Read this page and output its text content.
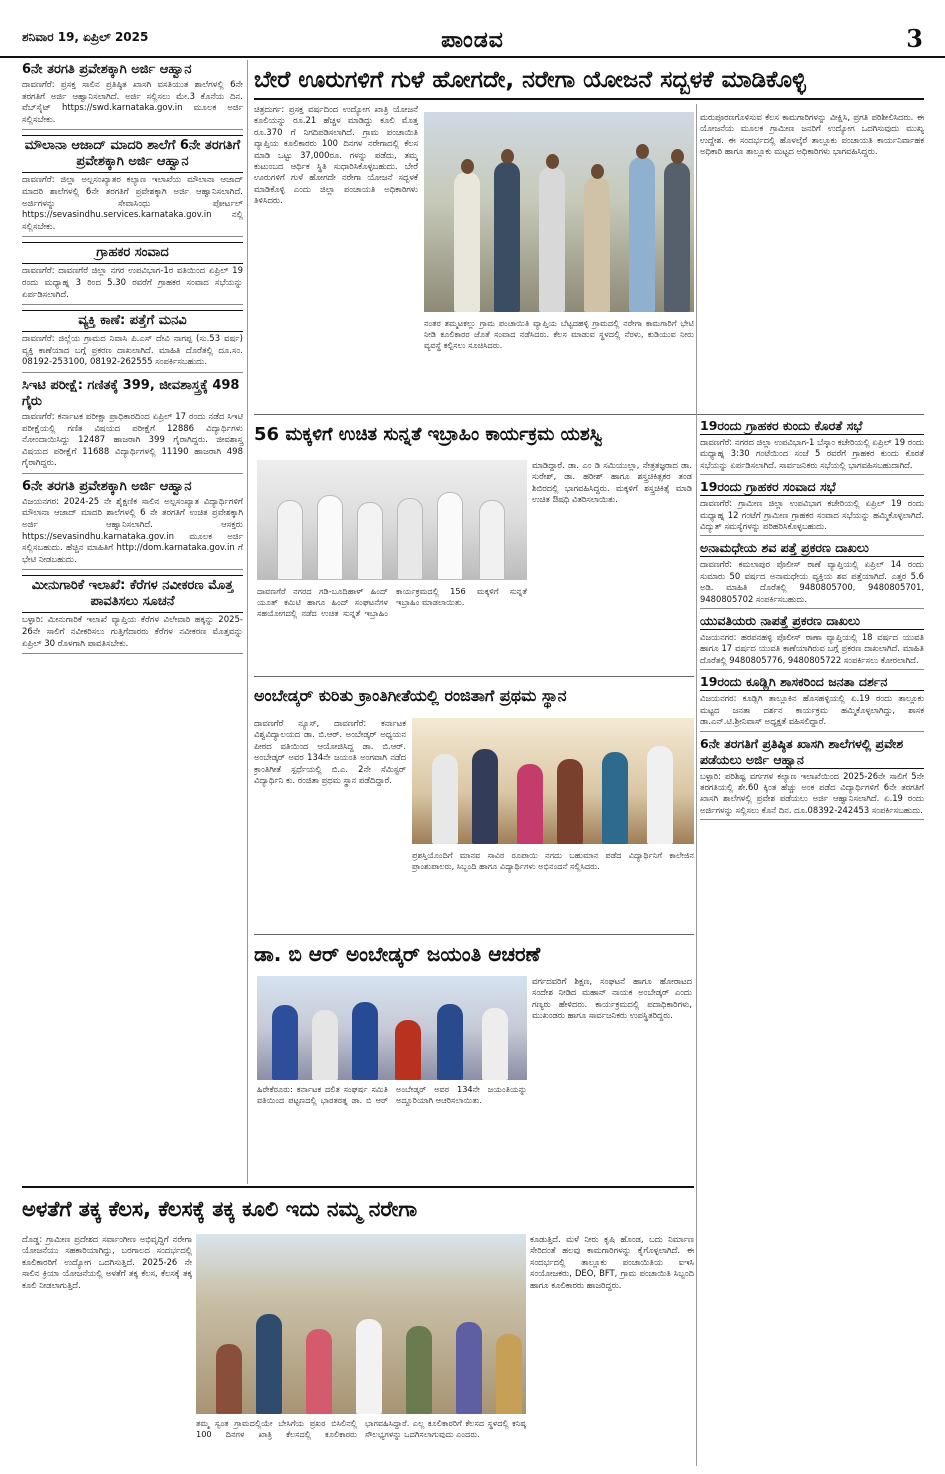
ಶನಿವಾರ 19, ಏಪ್ರಿಲ್ 2025	ಪಾಂಡವ	3
6ನೇ ತರಗತಿ ಪ್ರವೇಶಕ್ಕಾಗಿ ಅರ್ಜಿ ಆಹ್ವಾನ
ದಾವಣಗೆರೆ: ಪ್ರಸಕ್ತ ಸಾಲಿನ ಪ್ರತಿಷ್ಠಿತ ಖಾಸಗಿ ವಸತಿಯುತ ಶಾಲೆಗಳಲ್ಲಿ 6ನೇ ತರಗತಿಗೆ ಅರ್ಜಿ ಆಹ್ವಾನಿಸಲಾಗಿದೆ. ಅರ್ಜಿ ಸಲ್ಲಿಸಲು ಮೇ.3 ಕೊನೆಯ ದಿನ. ವೆಬ್‌ಸೈಟ್ https://swd.karnataka.gov.in ಮೂಲಕ ಅರ್ಜಿ ಸಲ್ಲಿಸಬೇಕು.
ಮೌಲಾನಾ ಆಜಾದ್ ಮಾದರಿ ಶಾಲೆಗೆ 6ನೇ ತರಗತಿಗೆ ಪ್ರವೇಶಕ್ಕಾಗಿ ಅರ್ಜಿ ಆಹ್ವಾನ
ದಾವಣಗೆರೆ: ಜಿಲ್ಲಾ ಅಲ್ಪಸಂಖ್ಯಾತರ ಕಲ್ಯಾಣ ಇಲಾಖೆಯ ಮೌಲಾನಾ ಆಜಾದ್ ಮಾದರಿ ಶಾಲೆಗಳಲ್ಲಿ 6ನೇ ತರಗತಿಗೆ ಪ್ರವೇಶಕ್ಕಾಗಿ ಅರ್ಜಿ ಆಹ್ವಾನಿಸಲಾಗಿದೆ. ಅರ್ಜಿಗಳನ್ನು ಸೇವಾಸಿಂಧು ಪೋರ್ಟಲ್ https://sevasindhu.services.karnataka.gov.in ನಲ್ಲಿ ಸಲ್ಲಿಸಬೇಕು.
ಗ್ರಾಹಕರ ಸಂವಾದ
ದಾವಣಗೆರೆ: ದಾವಣಗೆರೆ ಜಿಲ್ಲಾ ನಗರ ಉಪವಿಭಾಗ-1ರ ವತಿಯಿಂದ ಏಪ್ರಿಲ್ 19 ರಂದು ಮಧ್ಯಾಹ್ನ 3 ರಿಂದ 5.30 ರವರೆಗೆ ಗ್ರಾಹಕರ ಸಂವಾದ ಸಭೆಯನ್ನು ಏರ್ಪಡಿಸಲಾಗಿದೆ.
ವ್ಯಕ್ತಿ ಕಾಣೆ: ಪತ್ತೆಗೆ ಮನವಿ
ದಾವಣಗೆರೆ: ಜಿಲ್ಲೆಯ ಗ್ರಾಮದ ನಿವಾಸಿ ಪಿ.ಎಸ್ ದೇವಿ ನಾಗಪ್ಪ (ಸು.53 ವರ್ಷ) ವ್ಯಕ್ತಿ ಕಾಣೆಯಾದ ಬಗ್ಗೆ ಪ್ರಕರಣ ದಾಖಲಾಗಿದೆ. ಮಾಹಿತಿ ದೊರೆತಲ್ಲಿ ದೂ.ಸಂ. 08192-253100, 08192-262555 ಸಂಪರ್ಕಿಸಬಹುದು.
ಸಿಇಟಿ ಪರೀಕ್ಷೆ: ಗಣಿತಕ್ಕೆ 399, ಜೀವಶಾಸ್ತ್ರಕ್ಕೆ 498 ಗೈರು
ದಾವಣಗೆರೆ: ಕರ್ನಾಟಕ ಪರೀಕ್ಷಾ ಪ್ರಾಧಿಕಾರದಿಂದ ಏಪ್ರಿಲ್ 17 ರಂದು ನಡೆದ ಸಿಇಟಿ ಪರೀಕ್ಷೆಯಲ್ಲಿ ಗಣಿತ ವಿಷಯದ ಪರೀಕ್ಷೆಗೆ 12886 ವಿದ್ಯಾರ್ಥಿಗಳು ನೋಂದಾಯಿಸಿದ್ದು 12487 ಹಾಜರಾಗಿ 399 ಗೈರಾಗಿದ್ದರು. ಜೀವಶಾಸ್ತ್ರ ವಿಷಯದ ಪರೀಕ್ಷೆಗೆ 11688 ವಿದ್ಯಾರ್ಥಿಗಳಲ್ಲಿ 11190 ಹಾಜರಾಗಿ 498 ಗೈರಾಗಿದ್ದರು.
6ನೇ ತರಗತಿ ಪ್ರವೇಶಕ್ಕಾಗಿ ಅರ್ಜಿ ಆಹ್ವಾನ
ವಿಜಯನಗರ: 2024-25 ನೇ ಶೈಕ್ಷಣಿಕ ಸಾಲಿನ ಅಲ್ಪಸಂಖ್ಯಾತ ವಿದ್ಯಾರ್ಥಿಗಳಿಗೆ ಮೌಲಾನಾ ಆಜಾದ್ ಮಾದರಿ ಶಾಲೆಗಳಲ್ಲಿ 6 ನೇ ತರಗತಿಗೆ ಉಚಿತ ಪ್ರವೇಶಕ್ಕಾಗಿ ಅರ್ಜಿ ಆಹ್ವಾನಿಸಲಾಗಿದೆ. ಆಸಕ್ತರು https://sevasindhu.karnataka.gov.in ಮೂಲಕ ಅರ್ಜಿ ಸಲ್ಲಿಸಬಹುದು. ಹೆಚ್ಚಿನ ಮಾಹಿತಿಗೆ http://dom.karnataka.gov.in ಗೆ ಭೇಟಿ ನೀಡಬಹುದು.
ಮೀನುಗಾರಿಕೆ ಇಲಾಖೆ: ಕೆರೆಗಳ ನವೀಕರಣ ಮೊತ್ತ ಪಾವತಿಸಲು ಸೂಚನೆ
ಬಳ್ಳಾರಿ: ಮೀನುಗಾರಿಕೆ ಇಲಾಖೆ ವ್ಯಾಪ್ತಿಯ ಕೆರೆಗಳ ವಿಲೇವಾರಿ ಹಕ್ಕನ್ನು 2025-26ನೇ ಸಾಲಿಗೆ ನವೀಕರಿಸಲು ಗುತ್ತಿಗೆದಾರರು ಕೆರೆಗಳ ನವೀಕರಣ ಮೊತ್ತವನ್ನು ಏಪ್ರಿಲ್ 30 ರೊಳಗಾಗಿ ಪಾವತಿಸಬೇಕು.
ಬೇರೆ ಊರುಗಳಿಗೆ ಗುಳೆ ಹೋಗದೇ, ನರೇಗಾ ಯೋಜನೆ ಸದ್ಬಳಕೆ ಮಾಡಿಕೊಳ್ಳಿ
ಚಿತ್ರದುರ್ಗ: ಪ್ರಸಕ್ತ ವರ್ಷದಿಂದ ಉದ್ಯೋಗ ಖಾತ್ರಿ ಯೋಜನೆ ಕೂಲಿಯನ್ನು ರೂ.21 ಹೆಚ್ಚಳ ಮಾಡಿದ್ದು ಕೂಲಿ ಮೊತ್ತ ರೂ.370 ಗೆ ನಿಗದಿಪಡಿಸಲಾಗಿದೆ. ಗ್ರಾಮ ಪಂಚಾಯಿತಿ ವ್ಯಾಪ್ತಿಯ ಕೂಲಿಕಾರರು 100 ದಿನಗಳ ನರೇಗಾದಲ್ಲಿ ಕೆಲಸ ಮಾಡಿ ಒಟ್ಟು 37,000ರೂ. ಗಳನ್ನು ಪಡೆದು, ತಮ್ಮ ಕುಟುಂಬದ ಆರ್ಥಿಕ ಸ್ಥಿತಿ ಸುಧಾರಿಸಿಕೊಳ್ಳಬಹುದು. ಬೇರೆ ಊರುಗಳಿಗೆ ಗುಳೆ ಹೋಗದೇ ನರೇಗಾ ಯೋಜನೆ ಸದ್ಬಳಕೆ ಮಾಡಿಕೊಳ್ಳಿ ಎಂದು ಜಿಲ್ಲಾ ಪಂಚಾಯತಿ ಅಧಿಕಾರಿಗಳು ತಿಳಿಸಿದರು.
ನಂತರ ತಮ್ಮಟಕಲ್ಲು ಗ್ರಾಮ ಪಂಚಾಯಿತಿ ವ್ಯಾಪ್ತಿಯ ಬೆಟ್ಟದಹಳ್ಳಿ ಗ್ರಾಮದಲ್ಲಿ ನರೇಗಾ ಕಾಮಗಾರಿಗೆ ಭೇಟಿ ನೀಡಿ ಕೂಲಿಕಾರರ ಜೊತೆ ಸಂವಾದ ನಡೆಸಿದರು. ಕೆಲಸ ಮಾಡುವ ಸ್ಥಳದಲ್ಲಿ ನೆರಳು, ಕುಡಿಯುವ ನೀರು ವ್ಯವಸ್ಥೆ ಕಲ್ಪಿಸಲು ಸೂಚಿಸಿದರು.
ಮರುಪೂರಣಗೊಳಿಸುವ ಕೆಲಸ ಕಾಮಗಾರಿಗಳನ್ನು ವೀಕ್ಷಿಸಿ, ಪ್ರಗತಿ ಪರಿಶೀಲಿಸಿದರು. ಈ ಯೋಜನೆಯ ಮೂಲಕ ಗ್ರಾಮೀಣ ಜನರಿಗೆ ಉದ್ಯೋಗ ಒದಗಿಸುವುದು ಮುಖ್ಯ ಉದ್ದೇಶ. ಈ ಸಂದರ್ಭದಲ್ಲಿ ಹೊಳಲ್ಕೆರೆ ತಾಲ್ಲೂಕು ಪಂಚಾಯತಿ ಕಾರ್ಯನಿರ್ವಾಹಕ ಅಧಿಕಾರಿ ಹಾಗೂ ತಾಲ್ಲೂಕು ಮಟ್ಟದ ಅಧಿಕಾರಿಗಳು ಭಾಗವಹಿಸಿದ್ದರು.
56 ಮಕ್ಕಳಿಗೆ ಉಚಿತ ಸುನ್ನತೆ ಇಬ್ರಾಹಿಂ ಕಾರ್ಯಕ್ರಮ ಯಶಸ್ವಿ
ದಾವಣಗೆರೆ ನಗರದ ಗಡಿ-ಬೂದಿಹಾಳ್ ಹಿಂದ್ ಯೂತ್ ಕಮಿಟಿ ಹಾಗೂ ಹಿಂದ್ ಸಂಘಟನೆಗಳ ಸಹಯೋಗದಲ್ಲಿ ನಡೆದ ಉಚಿತ ಸುನ್ನತೆ ಇಬ್ರಾಹಿಂ ಕಾರ್ಯಕ್ರಮದಲ್ಲಿ 156 ಮಕ್ಕಳಿಗೆ ಸುನ್ನತೆ ಇಬ್ರಾಹಿಂ ಮಾಡಲಾಯಿತು.
ಮಾಡಿದ್ದಾರೆ. ಡಾ. ಎಂ ಡಿ ಸಮಿಯುಲ್ಲಾ, ನೇತ್ರತಜ್ಞರಾದ ಡಾ. ಸುರೇಶ್, ಡಾ. ಹರೀಶ್ ಹಾಗೂ ಶಸ್ತ್ರಚಿಕಿತ್ಸಕರ ತಂಡ ಶಿಬಿರದಲ್ಲಿ ಭಾಗವಹಿಸಿದ್ದರು. ಮಕ್ಕಳಿಗೆ ಶಸ್ತ್ರಚಿಕಿತ್ಸೆ ಮಾಡಿ ಉಚಿತ ಔಷಧಿ ವಿತರಿಸಲಾಯಿತು.
ಅಂಬೇಡ್ಕರ್ ಕುರಿತು ಕ್ರಾಂತಿಗೀತೆಯಲ್ಲಿ ರಂಜಿತಾಗೆ ಪ್ರಥಮ ಸ್ಥಾನ
ದಾವಣಗೆರೆ ನ್ಯೂಸ್, ದಾವಣಗೆರೆ: ಕರ್ನಾಟಕ ವಿಶ್ವವಿದ್ಯಾಲಯದ ಡಾ. ಬಿ.ಆರ್. ಅಂಬೇಡ್ಕರ್ ಅಧ್ಯಯನ ಪೀಠದ ವತಿಯಿಂದ ಆಯೋಜಿಸಿದ್ದ ಡಾ. ಬಿ.ಆರ್. ಅಂಬೇಡ್ಕರ್ ಅವರ 134ನೇ ಜಯಂತಿ ಅಂಗವಾಗಿ ನಡೆದ ಕ್ರಾಂತಿಗೀತೆ ಸ್ಪರ್ಧೆಯಲ್ಲಿ ಬಿ.ಎ. 2ನೇ ಸೆಮಿಸ್ಟರ್ ವಿದ್ಯಾರ್ಥಿನಿ ಕು. ರಂಜಿತಾ ಪ್ರಥಮ ಸ್ಥಾನ ಪಡೆದಿದ್ದಾರೆ.
ಪ್ರಶಸ್ತಿಯೊಂದಿಗೆ ಮಾನವ ಸಾವಿರ ರೂಪಾಯಿ ನಗದು ಬಹುಮಾನ ಪಡೆದ ವಿದ್ಯಾರ್ಥಿನಿಗೆ ಕಾಲೇಜಿನ ಪ್ರಾಂಶುಪಾಲರು, ಸಿಬ್ಬಂದಿ ಹಾಗೂ ವಿದ್ಯಾರ್ಥಿಗಳು ಅಭಿನಂದನೆ ಸಲ್ಲಿಸಿದರು.
ಡಾ. ಬಿ ಆರ್ ಅಂಬೇಡ್ಕರ್ ಜಯಂತಿ ಆಚರಣೆ
ಹಿರೇಕೆರೂರು: ಕರ್ನಾಟಕ ದಲಿತ ಸಂಘರ್ಷ ಸಮಿತಿ ವತಿಯಿಂದ ಪಟ್ಟಣದಲ್ಲಿ ಭಾರತರತ್ನ ಡಾ. ಬಿ ಆರ್ ಅಂಬೇಡ್ಕರ್ ಅವರ 134ನೇ ಜಯಂತಿಯನ್ನು ಅದ್ದೂರಿಯಾಗಿ ಆಚರಿಸಲಾಯಿತು.
ವರ್ಗದವರಿಗೆ ಶಿಕ್ಷಣ, ಸಂಘಟನೆ ಹಾಗೂ ಹೋರಾಟದ ಸಂದೇಶ ನೀಡಿದ ಮಹಾನ್ ನಾಯಕ ಅಂಬೇಡ್ಕರ್ ಎಂದು ಗಣ್ಯರು ಹೇಳಿದರು. ಕಾರ್ಯಕ್ರಮದಲ್ಲಿ ಪದಾಧಿಕಾರಿಗಳು, ಮುಖಂಡರು ಹಾಗೂ ಸಾರ್ವಜನಿಕರು ಉಪಸ್ಥಿತರಿದ್ದರು.
19ರಂದು ಗ್ರಾಹಕರ ಕುಂದು ಕೊರತೆ ಸಭೆ
ದಾವಣಗೆರೆ: ನಗರದ ಜಿಲ್ಲಾ ಉಪವಿಭಾಗ-1 ಬೆಸ್ಕಾಂ ಕಚೇರಿಯಲ್ಲಿ ಏಪ್ರಿಲ್ 19 ರಂದು ಮಧ್ಯಾಹ್ನ 3:30 ಗಂಟೆಯಿಂದ ಸಂಜೆ 5 ರವರೆಗೆ ಗ್ರಾಹಕರ ಕುಂದು ಕೊರತೆ ಸಭೆಯನ್ನು ಏರ್ಪಡಿಸಲಾಗಿದೆ. ಸಾರ್ವಜನಿಕರು ಸಭೆಯಲ್ಲಿ ಭಾಗವಹಿಸಬಹುದಾಗಿದೆ.
19ರಂದು ಗ್ರಾಹಕರ ಸಂವಾದ ಸಭೆ
ದಾವಣಗೆರೆ: ಗ್ರಾಮೀಣ ಜಿಲ್ಲಾ ಉಪವಿಭಾಗ ಕಚೇರಿಯಲ್ಲಿ ಏಪ್ರಿಲ್ 19 ರಂದು ಮಧ್ಯಾಹ್ನ 12 ಗಂಟೆಗೆ ಗ್ರಾಮೀಣ ಗ್ರಾಹಕರ ಸಂವಾದ ಸಭೆಯನ್ನು ಹಮ್ಮಿಕೊಳ್ಳಲಾಗಿದೆ. ವಿದ್ಯುತ್ ಸಮಸ್ಯೆಗಳನ್ನು ಪರಿಹರಿಸಿಕೊಳ್ಳಬಹುದು.
ಅನಾಮಧೇಯ ಶವ ಪತ್ತೆ ಪ್ರಕರಣ ದಾಖಲು
ದಾವಣಗೆರೆ: ಕಮಲಾಪುರ ಪೊಲೀಸ್ ಠಾಣೆ ವ್ಯಾಪ್ತಿಯಲ್ಲಿ ಏಪ್ರಿಲ್ 14 ರಂದು ಸುಮಾರು 50 ವರ್ಷದ ಅನಾಮಧೇಯ ವ್ಯಕ್ತಿಯ ಶವ ಪತ್ತೆಯಾಗಿದೆ. ಎತ್ತರ 5.6 ಅಡಿ. ಮಾಹಿತಿ ದೊರೆತಲ್ಲಿ 9480805700, 9480805701, 9480805702 ಸಂಪರ್ಕಿಸಬಹುದು.
ಯುವತಿಯರು ನಾಪತ್ತೆ ಪ್ರಕರಣ ದಾಖಲು
ವಿಜಯನಗರ: ಹರಪನಹಳ್ಳಿ ಪೊಲೀಸ್ ಠಾಣಾ ವ್ಯಾಪ್ತಿಯಲ್ಲಿ 18 ವರ್ಷದ ಯುವತಿ ಹಾಗೂ 17 ವರ್ಷದ ಯುವತಿ ಕಾಣೆಯಾಗಿರುವ ಬಗ್ಗೆ ಪ್ರಕರಣ ದಾಖಲಾಗಿದೆ. ಮಾಹಿತಿ ದೊರೆತಲ್ಲಿ 9480805776, 9480805722 ಸಂಪರ್ಕಿಸಲು ಕೋರಲಾಗಿದೆ.
19ರಂದು ಕೂಡ್ಲಿಗಿ ಶಾಸಕರಿಂದ ಜನತಾ ದರ್ಶನ
ವಿಜಯನಗರ: ಕೂಡ್ಲಿಗಿ ತಾಲ್ಲೂಕಿನ ಹೊಸಹಳ್ಳಿಯಲ್ಲಿ ಏ.19 ರಂದು ತಾಲ್ಲೂಕು ಮಟ್ಟದ ಜನತಾ ದರ್ಶನ ಕಾರ್ಯಕ್ರಮ ಹಮ್ಮಿಕೊಳ್ಳಲಾಗಿದ್ದು, ಶಾಸಕ ಡಾ.ಎನ್.ಟಿ.ಶ್ರೀನಿವಾಸ್ ಅಧ್ಯಕ್ಷತೆ ವಹಿಸಲಿದ್ದಾರೆ.
6ನೇ ತರಗತಿಗೆ ಪ್ರತಿಷ್ಠಿತ ಖಾಸಗಿ ಶಾಲೆಗಳಲ್ಲಿ ಪ್ರವೇಶ ಪಡೆಯಲು ಅರ್ಜಿ ಆಹ್ವಾನ
ಬಳ್ಳಾರಿ: ಪರಿಶಿಷ್ಟ ವರ್ಗಗಳ ಕಲ್ಯಾಣ ಇಲಾಖೆಯಿಂದ 2025-26ನೇ ಸಾಲಿಗೆ 5ನೇ ತರಗತಿಯಲ್ಲಿ ಶೇ.60 ಕ್ಕಿಂತ ಹೆಚ್ಚು ಅಂಕ ಪಡೆದ ವಿದ್ಯಾರ್ಥಿಗಳಿಗೆ 6ನೇ ತರಗತಿಗೆ ಖಾಸಗಿ ಶಾಲೆಗಳಲ್ಲಿ ಪ್ರವೇಶ ಪಡೆಯಲು ಅರ್ಜಿ ಆಹ್ವಾನಿಸಲಾಗಿದೆ. ಏ.19 ರಂದು ಅರ್ಜಿಗಳನ್ನು ಸಲ್ಲಿಸಲು ಕೊನೆ ದಿನ. ದೂ.08392-242453 ಸಂಪರ್ಕಿಸಬಹುದು.
ಅಳತೆಗೆ ತಕ್ಕ ಕೆಲಸ, ಕೆಲಸಕ್ಕೆ ತಕ್ಕ ಕೂಲಿ ಇದು ನಮ್ಮ ನರೇಗಾ
ದೊಡ್ಡ: ಗ್ರಾಮೀಣ ಪ್ರದೇಶದ ಸರ್ವಾಂಗೀಣ ಅಭಿವೃದ್ಧಿಗೆ ನರೇಗಾ ಯೋಜನೆಯು ಸಹಕಾರಿಯಾಗಿದ್ದು, ಬರಗಾಲದ ಸಂದರ್ಭದಲ್ಲಿ ಕೂಲಿಕಾರರಿಗೆ ಉದ್ಯೋಗ ಒದಗಿಸುತ್ತಿದೆ. 2025-26 ನೇ ಸಾಲಿನ ಕ್ರಿಯಾ ಯೋಜನೆಯಲ್ಲಿ ಅಳತೆಗೆ ತಕ್ಕ ಕೆಲಸ, ಕೆಲಸಕ್ಕೆ ತಕ್ಕ ಕೂಲಿ ನೀಡಲಾಗುತ್ತಿದೆ.
ತಮ್ಮ ಸ್ವಂತ ಗ್ರಾಮದಲ್ಲಿಯೇ ಬೇಸಿಗೆಯ ಪ್ರಖರ ಬಿಸಿಲಿನಲ್ಲಿ 100 ದಿನಗಳ ಖಾತ್ರಿ ಕೆಲಸದಲ್ಲಿ ಕೂಲಿಕಾರರು ಭಾಗವಹಿಸಿದ್ದಾರೆ. ಎಲ್ಲ ಕೂಲಿಕಾರರಿಗೆ ಕೆಲಸದ ಸ್ಥಳದಲ್ಲಿ ಕನಿಷ್ಠ ಸೌಲಭ್ಯಗಳನ್ನು ಒದಗಿಸಲಾಗುವುದು ಎಂದರು.
ಕೂಡುತ್ತಿದೆ. ಮಳೆ ನೀರು ಕೃಷಿ ಹೊಂಡ, ಬದು ನಿರ್ಮಾಣ ಸೇರಿದಂತೆ ಹಲವು ಕಾಮಗಾರಿಗಳನ್ನು ಕೈಗೊಳ್ಳಲಾಗಿದೆ. ಈ ಸಂದರ್ಭದಲ್ಲಿ ತಾಲ್ಲೂಕು ಪಂಚಾಯಿತಿಯ ಐಇಸಿ ಸಂಯೋಜಕರು, DEO, BFT, ಗ್ರಾಮ ಪಂಚಾಯಿತಿ ಸಿಬ್ಬಂದಿ ಹಾಗೂ ಕೂಲಿಕಾರರು ಹಾಜರಿದ್ದರು.
